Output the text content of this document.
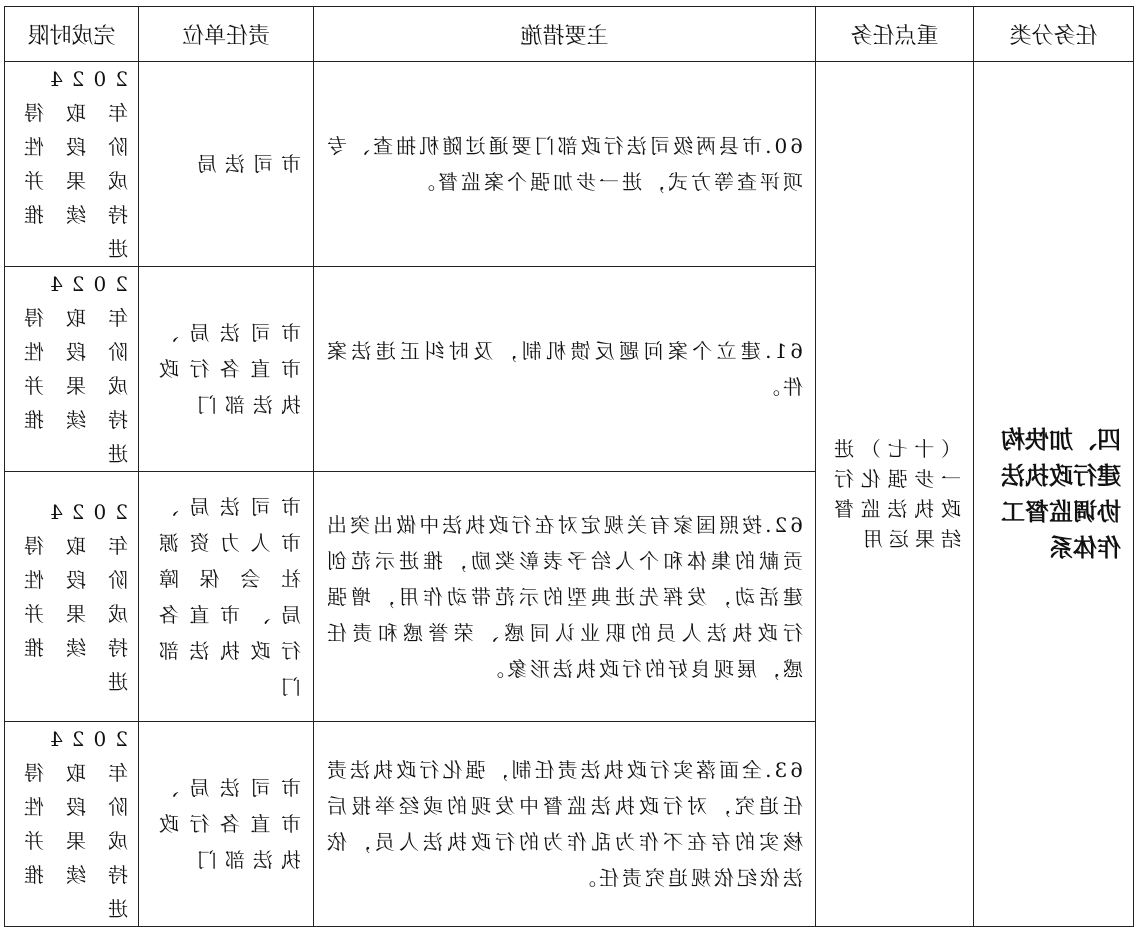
任务分类	重点任务	主要措施	责任单位	完成时限
四、加快构建行政执法协调监督工作体系	（十七）进一步强化行政执法监督结果运用	60.市县两级司法行政部门要通过随机抽查、专项评查等方式，进一步加强个案监督。	市司法局	2024年取得阶段性成果并持续推进
		61.建立个案问题反馈机制，及时纠正违法案件。	市司法局、市直各行政执法部门	2024年取得阶段性成果并持续推进
		62.按照国家有关规定对在行政执法中做出突出贡献的集体和个人给予表彰奖励，推进示范创建活动，发挥先进典型的示范带动作用，增强行政执法人员的职业认同感、荣誉感和责任感，展现良好的行政执法形象。	市司法局、市人力资源社会保障局、市直各行政执法部门	2024年取得阶段性成果并持续推进
		63.全面落实行政执法责任制，强化行政执法责任追究，对行政执法监督中发现的或经举报后核实的存在不作为乱作为的行政执法人员，依法依纪依规追究责任。	市司法局、市直各行政执法部门	2024年取得阶段性成果并持续推进
